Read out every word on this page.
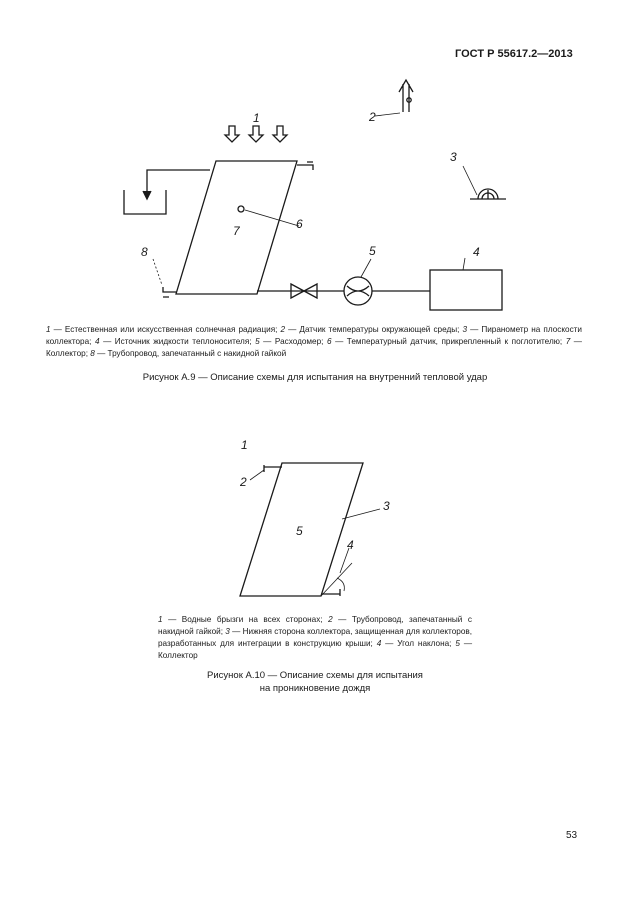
ГОСТ Р 55617.2—2013
1	2
3
4
5
6
7
8
1
2
3
4
5
1 — Естественная или искусственная солнечная радиация; 2 — Датчик температуры окружающей среды; 3 — Пиранометр на плоскости коллектора; 4 — Источник жидкости теплоносителя; 5 — Расходомер; 6 — Температурный датчик, прикрепленный к поглотителю; 7 — Коллектор; 8 — Трубопровод, запечатанный с накидной гайкой
Рисунок А.9 — Описание схемы для испытания на внутренний тепловой удар
1 — Водные брызги на всех сторонах; 2 — Трубопровод, запечатанный с накидной гайкой; 3 — Нижняя сторона коллектора, защищенная для коллекторов, разработанных для интеграции в конструкцию крыши; 4 — Угол наклона; 5 — Коллектор
Рисунок А.10 — Описание схемы для испытания
на проникновение дождя
53
